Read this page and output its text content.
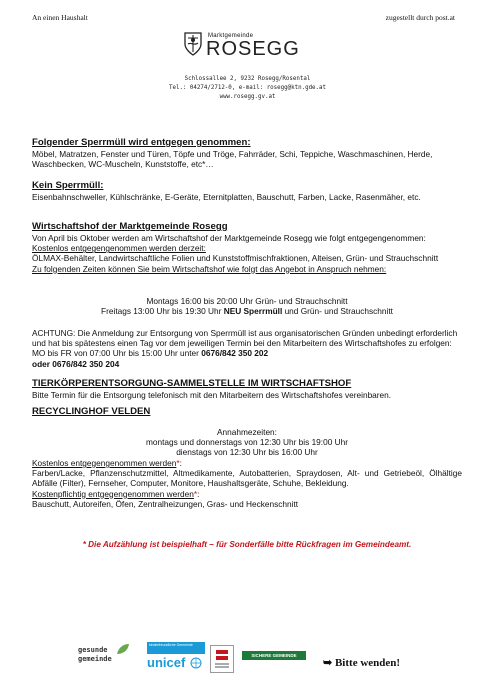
An einen Haushalt	zugestellt durch post.at
Marktgemeinde
ROSEGG
Schlossallee 2, 9232 Rosegg/Rosental
Tel.: 04274/2712-0, e-mail: rosegg@ktn.gde.at
www.rosegg.gv.at
Folgender Sperrmüll wird entgegen genommen:
Möbel, Matratzen, Fenster und Türen, Töpfe und Tröge, Fahrräder, Schi, Teppiche, Waschmaschinen, Herde, Waschbecken, WC-Muscheln, Kunststoffe, etc*…
Kein Sperrmüll:
Eisenbahnschweller, Kühlschränke, E-Geräte, Eternitplatten, Bauschutt, Farben, Lacke, Rasenmäher, etc.
Wirtschaftshof der Marktgemeinde Rosegg
Von April bis Oktober werden am Wirtschaftshof der Marktgemeinde Rosegg wie folgt entgegengenommen:
Kostenlos entgegengenommen werden derzeit:
ÖLMAX-Behälter, Landwirtschaftliche Folien und Kunststoffmischfraktionen, Alteisen, Grün- und Strauchschnitt
Zu folgenden Zeiten können Sie beim Wirtschaftshof wie folgt das Angebot in Anspruch nehmen:
Montags 16:00 bis 20:00 Uhr Grün- und Strauchschnitt
Freitags 13:00 Uhr bis 19:30 Uhr NEU Sperrmüll und Grün- und Strauchschnitt
ACHTUNG: Die Anmeldung zur Entsorgung von Sperrmüll ist aus organisatorischen Gründen unbedingt erforderlich und hat bis spätestens einen Tag vor dem jeweiligen Termin bei den Mitarbeitern des Wirtschaftshofes zu erfolgen: MO bis FR von 07:00 Uhr bis 15:00 Uhr unter 0676/842 350 202
oder 0676/842 350 204
TIERKÖRPERENTSORGUNG-SAMMELSTELLE IM WIRTSCHAFTSHOF
Bitte Termin für die Entsorgung telefonisch mit den Mitarbeitern des Wirtschaftshofes vereinbaren.
RECYCLINGHOF VELDEN
Annahmezeiten:
montags und donnerstags von 12:30 Uhr bis 19:00 Uhr
dienstags von 12:30 Uhr bis 16:00 Uhr
Kostenlos entgegengenommen werden*:
Farben/Lacke, Pflanzenschutzmittel, Altmedikamente, Autobatterien, Spraydosen, Alt- und Getriebeöl, Ölhältige Abfälle (Filter), Fernseher, Computer, Monitore, Haushaltsgeräte, Schuhe, Bekleidung.
Kostenpflichtig entgegengenommen werden*:
Bauschutt, Autoreifen, Öfen, Zentralheizungen, Gras- und Heckenschnitt
* Die Aufzählung ist beispielhaft – für Sonderfälle bitte Rückfragen im Gemeindeamt.
gesunde
gemeinde
kinderfreundliche Gemeinde
unicef	SICHERE GEMEINDE
➥ Bitte wenden!
